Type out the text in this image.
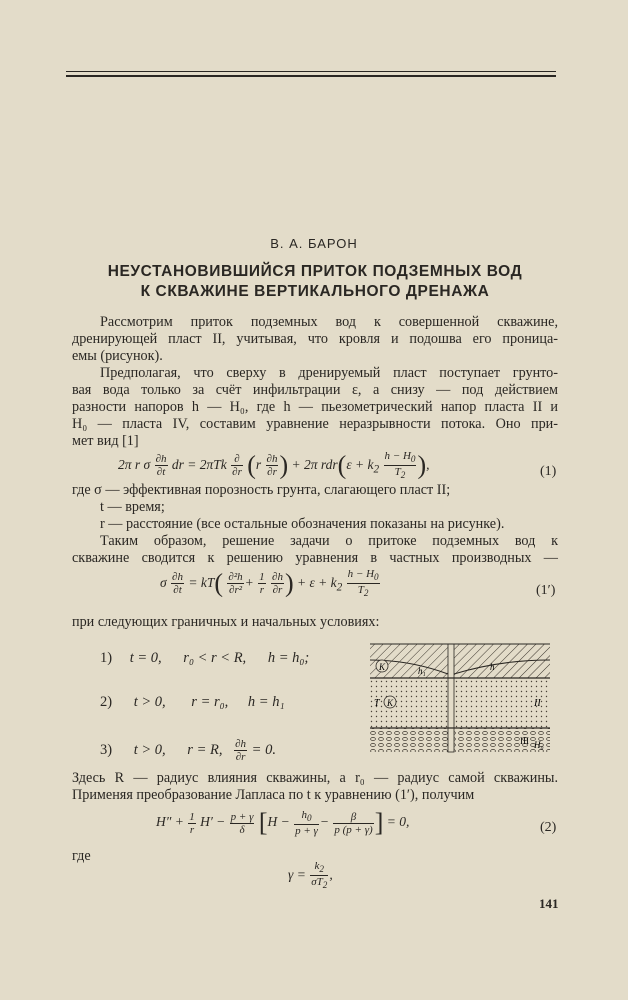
В. А. БАРОН
НЕУСТАНОВИВШИЙСЯ ПРИТОК ПОДЗЕМНЫХ ВОД
К СКВАЖИНЕ ВЕРТИКАЛЬНОГО ДРЕНАЖА
Рассмотрим приток подземных вод к совершенной скважине,
дренирующей пласт II, учитывая, что кровля и подошва его проница-
емы (рисунок).
Предполагая, что сверху в дренируемый пласт поступает грунто-
вая вода только за счёт инфильтрации ε, а снизу — под действием
разности напоров h — H₀, где h — пьезометрический напор пласта II и
H₀ — пласта IV, составим уравнение неразрывности потока. Оно при-
мет вид [1]
2π r σ $\frac{\partial h}{\partial t}$ dr = $2\pi Tk \frac{\partial}{\partial r} (r \frac{\partial h}{\partial r}$ ) + 2π $rdr(\varepsilon + k_2 \frac{h - H_0}{T_2}$ ),	(1)
где σ — эффективная порозность грунта, слагающего пласт II;
t — время;
r — расстояние (все остальные обозначения показаны на рисунке).
Таким образом, решение задачи о притоке подземных вод к
скважине сводится к решению уравнения в частных производных —
σ $\frac{\partial h}{\partial t} = kT( \frac{\text{∂²h}}{\text{∂r²}} + \frac{1}{r}$
$\frac{\partial h}{\partial r}$ ) + $\varepsilon + k_2 \frac{h - H_0}{T_2}$	(1′)
при следующих граничных и начальных условиях:
1) t = 0, r₀ < r < R, h = h₀;
2) t > 0, r = r₀, h = h₁
3) t > 0, r = R, $\frac{\partial h}{\partial r} = 0$.
K
K
T	II
h₁	h
H₀
III
Здесь R — радиус влияния скважины, а r₀ — радиус самой скважины.
Применяя преобразование Лапласа по t к уравнению (1′), получим
$H'' + \frac{1}{r} H' - \frac{p + \gamma}{\delta} [H - \frac{h_0}{p + \gamma} - \frac{\beta}{p (p + \gamma)}$ ] = 0,	(2)
где
$\gamma = \frac{k_2}{\sigma T_2}$ ,
141
